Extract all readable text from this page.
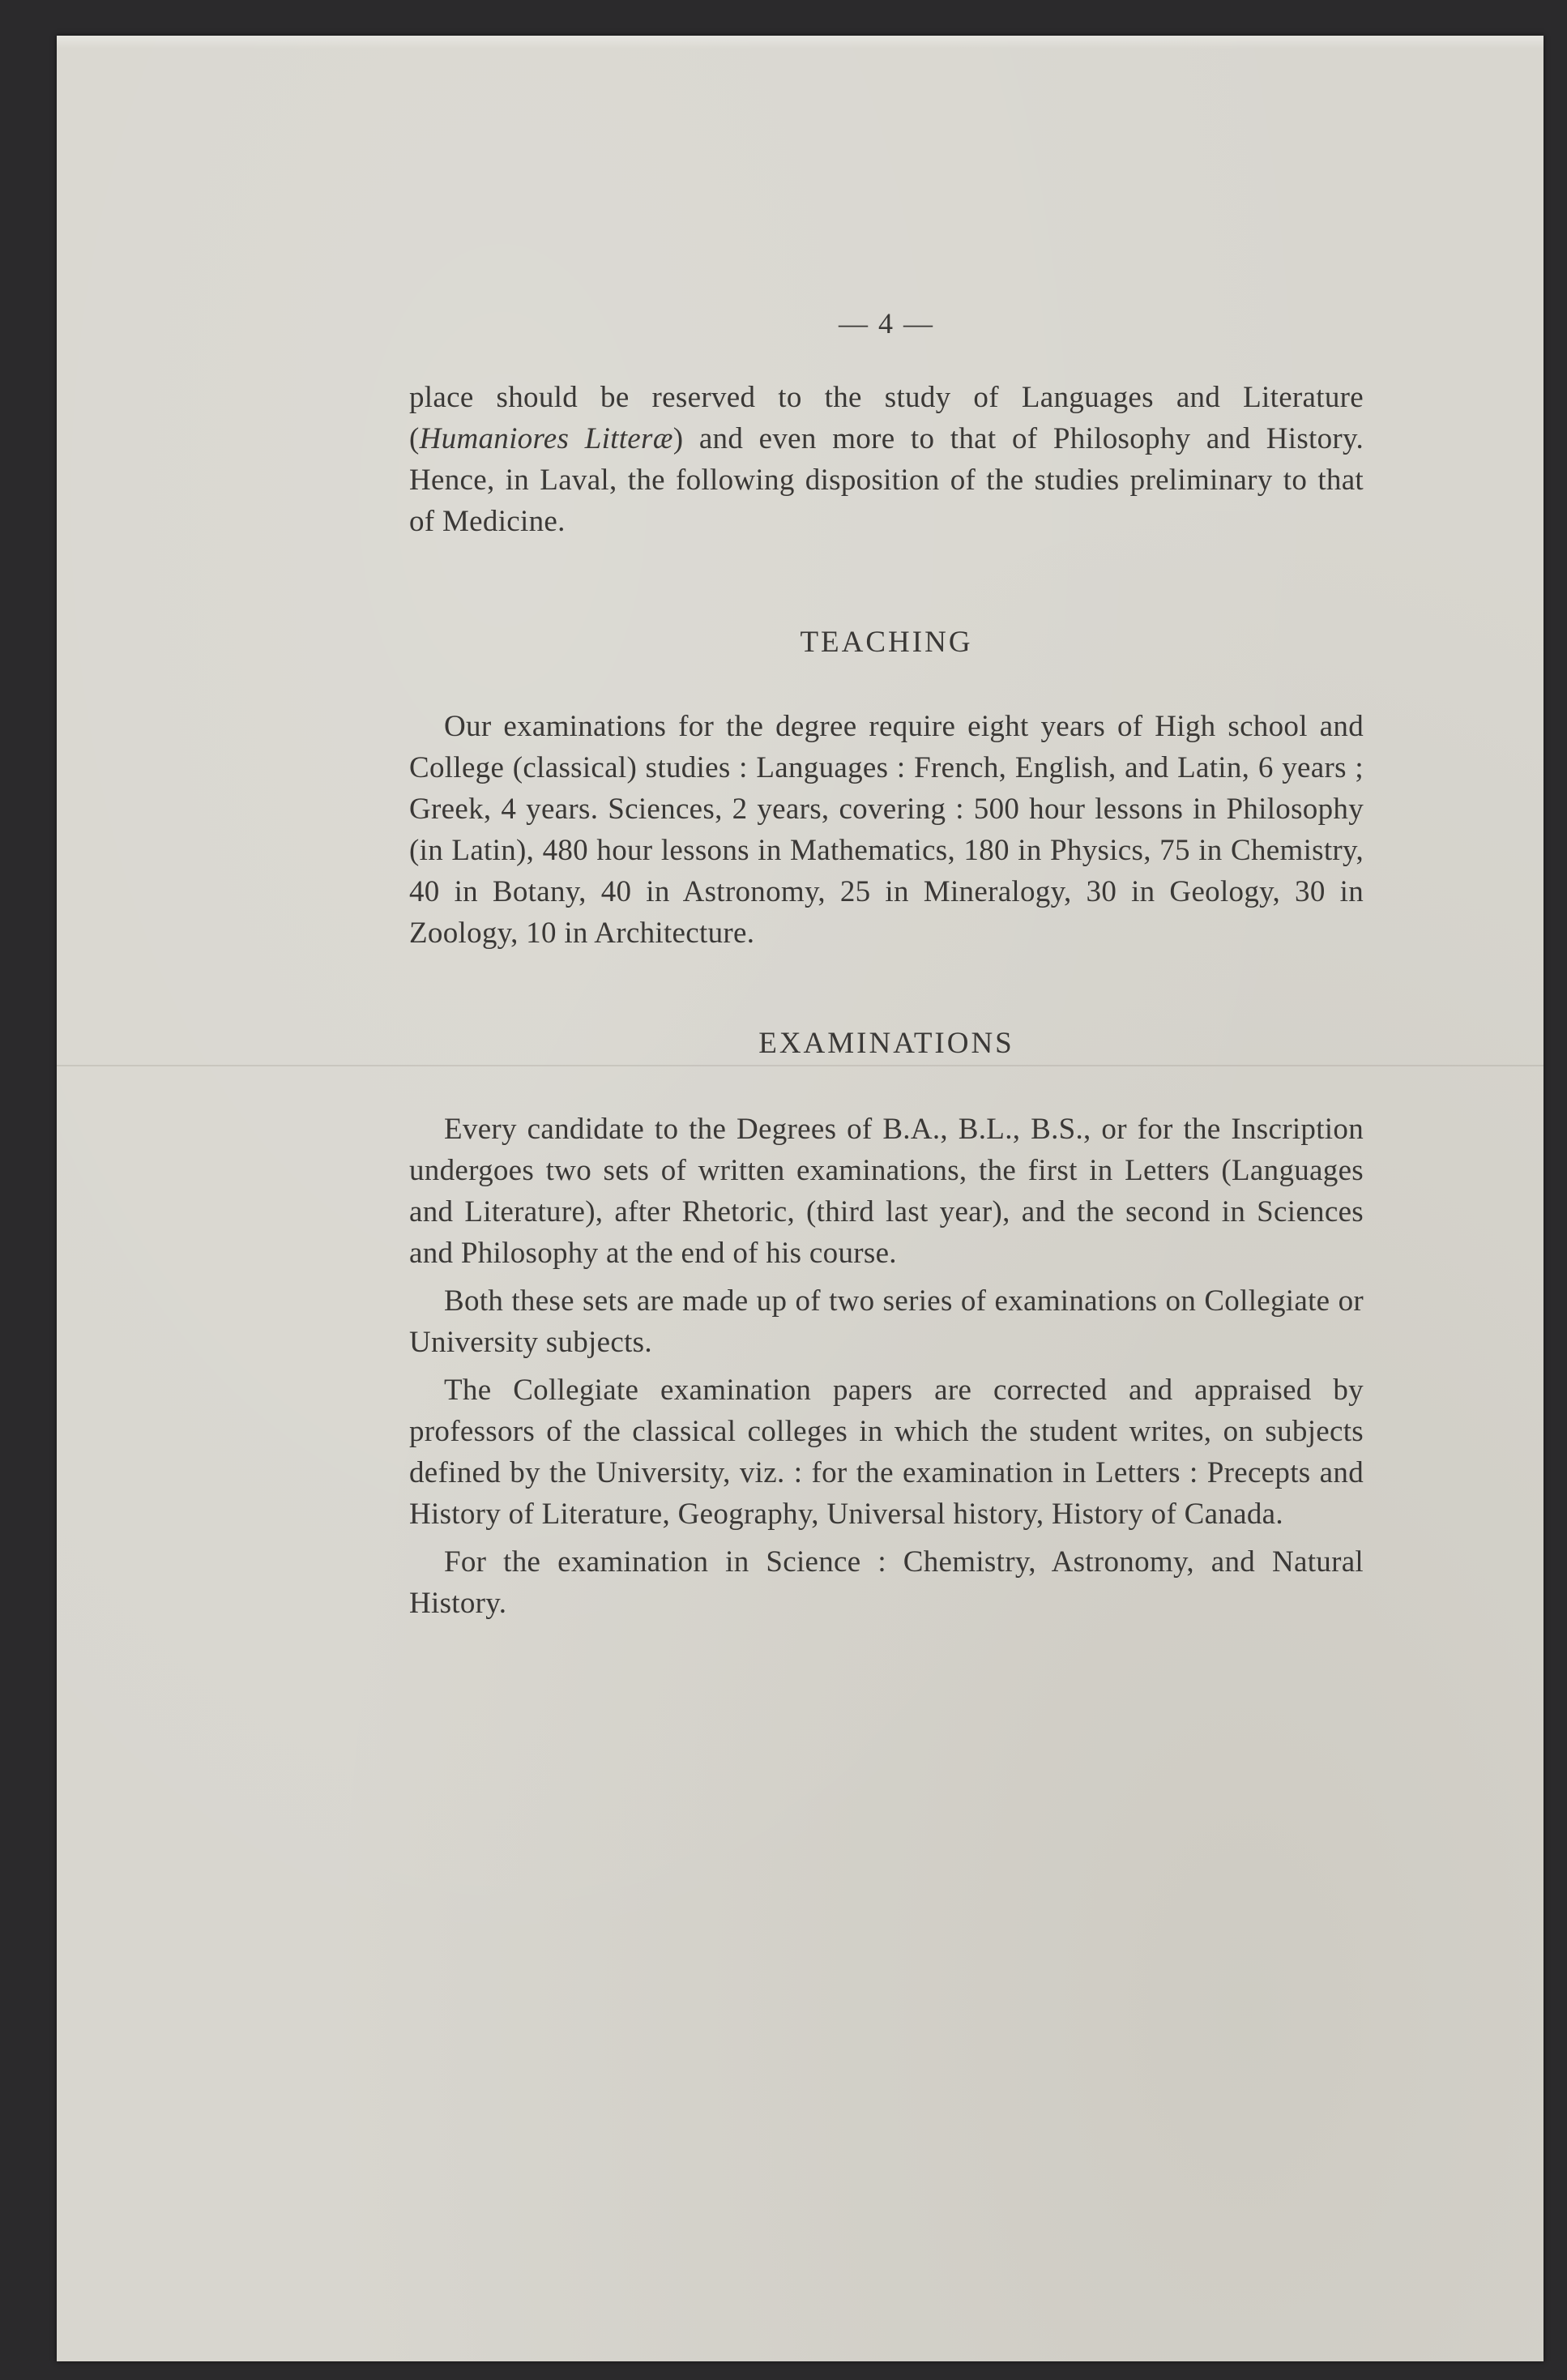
— 4 —

place should be reserved to the study of Languages and Literature (Humaniores Litteræ) and even more to that of Philosophy and History. Hence, in Laval, the following disposition of the studies preliminary to that of Medicine.

TEACHING

Our examinations for the degree require eight years of High school and College (classical) studies : Languages : French, English, and Latin, 6 years ; Greek, 4 years. Sciences, 2 years, covering : 500 hour lessons in Philosophy (in Latin), 480 hour lessons in Mathematics, 180 in Physics, 75 in Chemistry, 40 in Botany, 40 in Astronomy, 25 in Mineralogy, 30 in Geology, 30 in Zoology, 10 in Architecture.

EXAMINATIONS

Every candidate to the Degrees of B.A., B.L., B.S., or for the Inscription undergoes two sets of written examinations, the first in Letters (Languages and Literature), after Rhetoric, (third last year), and the second in Sciences and Philosophy at the end of his course.

Both these sets are made up of two series of examinations on Collegiate or University subjects.

The Collegiate examination papers are corrected and appraised by professors of the classical colleges in which the student writes, on subjects defined by the University, viz. : for the examination in Letters : Precepts and History of Literature, Geography, Universal history, History of Canada.

For the examination in Science : Chemistry, Astronomy, and Natural History.
